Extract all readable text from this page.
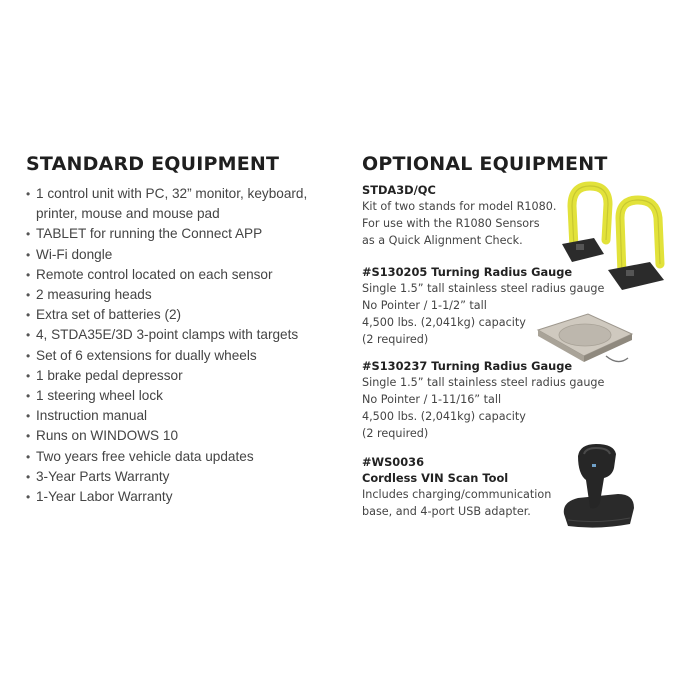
STANDARD EQUIPMENT
• 1 control unit with PC, 32” monitor, keyboard, printer, mouse and mouse pad
• TABLET for running the Connect APP
• Wi-Fi dongle
• Remote control located on each sensor
• 2 measuring heads
• Extra set of batteries (2)
• 4, STDA35E/3D 3-point clamps with targets
• Set of 6 extensions for dually wheels
• 1 brake pedal depressor
• 1 steering wheel lock
• Instruction manual
• Runs on WINDOWS 10
• Two years free vehicle data updates
• 3-Year Parts Warranty
• 1-Year Labor Warranty
OPTIONAL EQUIPMENT
STDA3D/QC
Kit of two stands for model R1080.
For use with the R1080 Sensors
as a Quick Alignment Check.
#S130205 Turning Radius Gauge
Single 1.5” tall stainless steel radius gauge
No Pointer / 1-1/2” tall
4,500 lbs. (2,041kg) capacity
(2 required)
#S130237 Turning Radius Gauge
Single 1.5” tall stainless steel radius gauge
No Pointer / 1-11/16” tall
4,500 lbs. (2,041kg) capacity
(2 required)
#WS0036
Cordless VIN Scan Tool
Includes charging/communication
base, and 4-port USB adapter.
